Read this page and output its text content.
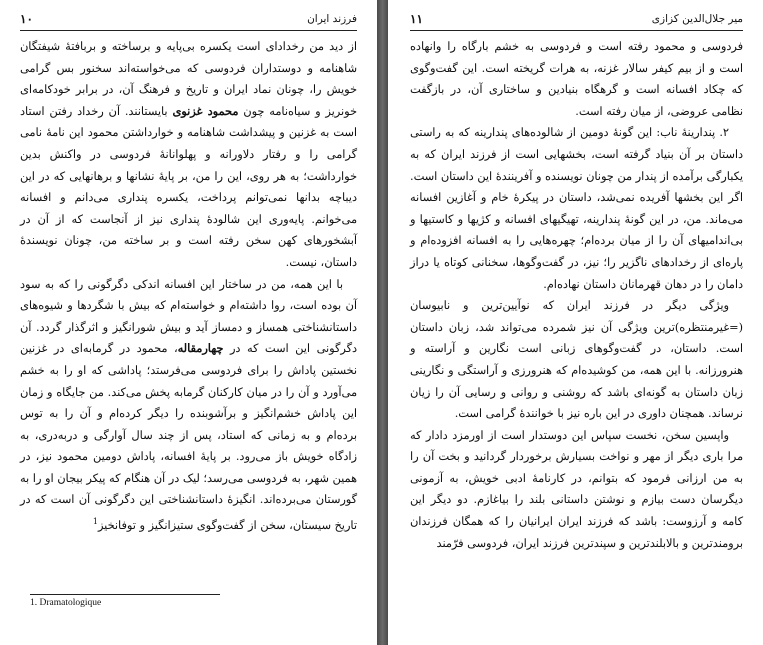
فرزند ایران
۱۰

از دید من رخدادای است یکسره بی‌پایه و برساخته و بربافتهٔ شیفتگان شاهنامه و دوستداران فردوسی که می‌خواسته‌اند سخنور بس گرامی خویش را، چونان نماد ایران و تاریخ و فرهنگ آن، در برابر خودکامه‌ای خونریز و سیاه‌نامه چون محمود غزنوی بایستانند. آن رخداد رفتن استاد است به غزنین و پیشداشت شاهنامه و خوارداشتن محمود این نامهٔ نامی گرامی را و رفتار دلاورانه و پهلوانانهٔ فردوسی در واکنش بدین خوارداشت؛ به هر روی، این را من، بر پایهٔ نشانها و برهانهایی که در این دیباچه بدانها نمی‌توانم پرداخت، یکسره پنداری می‌دانم و افسانه می‌خوانم. پایه‌وری این شالودهٔ پنداری نیز از آنجاست که از آن در آبشخورهای کهن سخن رفته است و بر ساخته من، چونان نویسندهٔ داستان، نیست.

با این همه، من در ساختار این افسانه اندکی دگرگونی را که به سود آن بوده است، روا داشته‌ام و خواسته‌ام که بیش با شگردها و شیوه‌های داستانشناختی همساز و دمساز آید و بیش شورانگیز و اثرگذار گردد. آن دگرگونی این است که در چهارمقاله، محمود در گرمابه‌ای در غزنین نخستین پاداش را برای فردوسی می‌فرستد؛ پاداشی که او را به خشم می‌آورد و آن را در میان کارکنان گرمابه پخش می‌کند. من جایگاه و زمان این پاداش خشم‌انگیز و برآشوبنده را دیگر کرده‌ام و آن را به توس برده‌ام و به زمانی که استاد، پس از چند سال آوارگی و دربه‌دری، به زادگاه خویش باز می‌رود. بر پایهٔ افسانه، پاداش دومین محمود نیز، در همین شهر، به فردوسی می‌رسد؛ لیک در آن هنگام که پیکر بیجان او را به گورستان می‌برده‌اند. انگیزهٔ داستانشناختی این دگرگونی آن است که در تاریخ سیستان، سخن از گفت‌وگوی ستیزانگیز و توفانخیز$^1$

1. Dramatologique
میر جلال‌الدین کزازی
۱۱

فردوسی و محمود رفته است و فردوسی به خشم بارگاه را وانهاده است و از بیم کیفر سالار غزنه، به هرات گریخته است. این گفت‌وگوی که چکاد افسانه است و گرهگاه بنیادین و ساختاری آن، در بازگفت نظامی عروضی، از میان رفته است.

۲. پندارینهٔ ناب: این گونهٔ دومین از شالوده‌های پندارینه که به راستی داستان بر آن بنیاد گرفته است، بخشهایی است از فرزند ایران که به یکبارگی برآمده از پندار من چونان نویسنده و آفرینندهٔ این داستان است. اگر این بخشها آفریده نمی‌شد، داستان در پیکرهٔ خام و آغازین افسانه می‌ماند. من، در این گونهٔ پندارینه، تهیگیهای افسانه و کژیها و کاستیها و بی‌اندامیهای آن را از میان برده‌ام؛ چهره‌هایی را به افسانه افزوده‌ام و پاره‌ای از رخدادهای ناگزیر را؛ نیز، در گفت‌وگوها، سخنانی کوتاه یا دراز دامان را در دهان قهرمانان داستان نهاده‌ام.

ویژگی دیگر در فرزند ایران که نوآیین‌ترین و نابیوسان (=غیرمنتظره)ترین ویژگی آن نیز شمرده می‌تواند شد، زبان داستان است. داستان، در گفت‌وگوهای زبانی است نگارین و آراسته و هنرورزانه. با این همه، من کوشیده‌ام که هنرورزی و آراستگی و نگارینی زبان داستان به گونه‌ای باشد که روشنی و روانی و رسایی آن را زیان نرساند. همچنان داوری در این باره نیز با خوانندهٔ گرامی است.

واپسین سخن، نخست سپاس این دوستدار است از اورمزد دادار که مرا باری دیگر از مهر و نواخت بسیارش برخوردار گردانید و بخت آن را به من ارزانی فرمود که بتوانم، در کارنامهٔ ادبی خویش، به آزمونی دیگرسان دست بیازم و نوشتن داستانی بلند را بیاغازم. دو دیگر این کامه و آرزوست: باشد که فرزند ایران ایرانیان را که همگان فرزندان برومندترین و بالابلندترین و سپندترین فرزند ایران، فردوسی فرّمند
